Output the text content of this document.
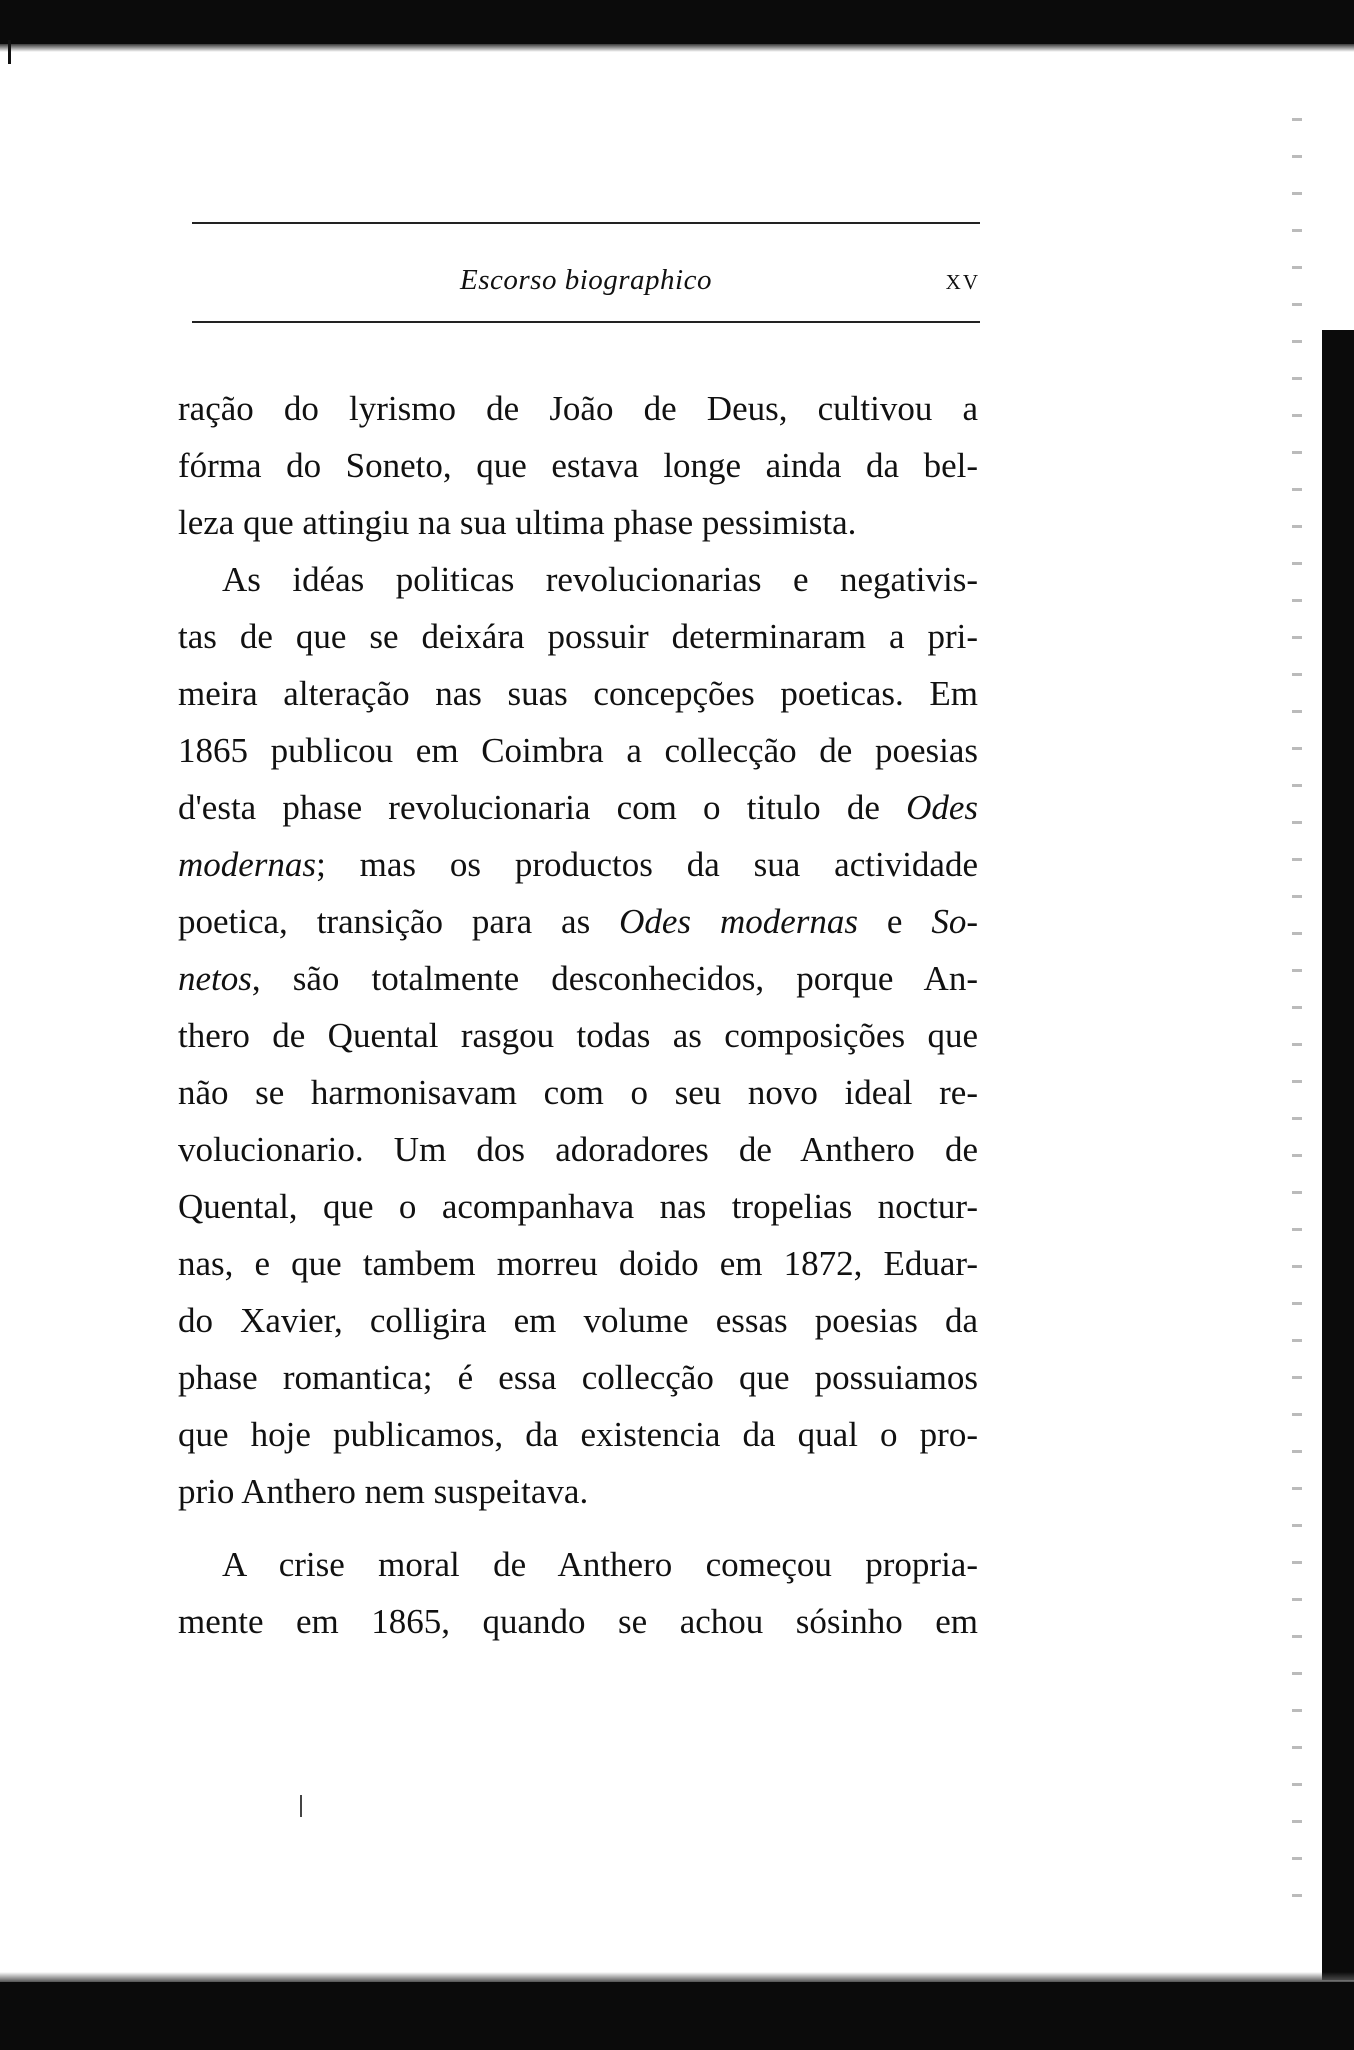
Escorso biographico	xv
ração do lyrismo de João de Deus, cultivou a
fórma do Soneto, que estava longe ainda da bel-
leza que attingiu na sua ultima phase pessimista.
As idéas politicas revolucionarias e negativis-
tas de que se deixára possuir determinaram a pri-
meira alteração nas suas concepções poeticas. Em
1865 publicou em Coimbra a collecção de poesias
d'esta phase revolucionaria com o titulo de Odes
modernas; mas os productos da sua actividade
poetica, transição para as Odes modernas e So-
netos, são totalmente desconhecidos, porque An-
thero de Quental rasgou todas as composições que
não se harmonisavam com o seu novo ideal re-
volucionario. Um dos adoradores de Anthero de
Quental, que o acompanhava nas tropelias noctur-
nas, e que tambem morreu doido em 1872, Eduar-
do Xavier, colligira em volume essas poesias da
phase romantica; é essa collecção que possuiamos
que hoje publicamos, da existencia da qual o pro-
prio Anthero nem suspeitava.
A crise moral de Anthero começou propria-
mente em 1865, quando se achou sósinho em
